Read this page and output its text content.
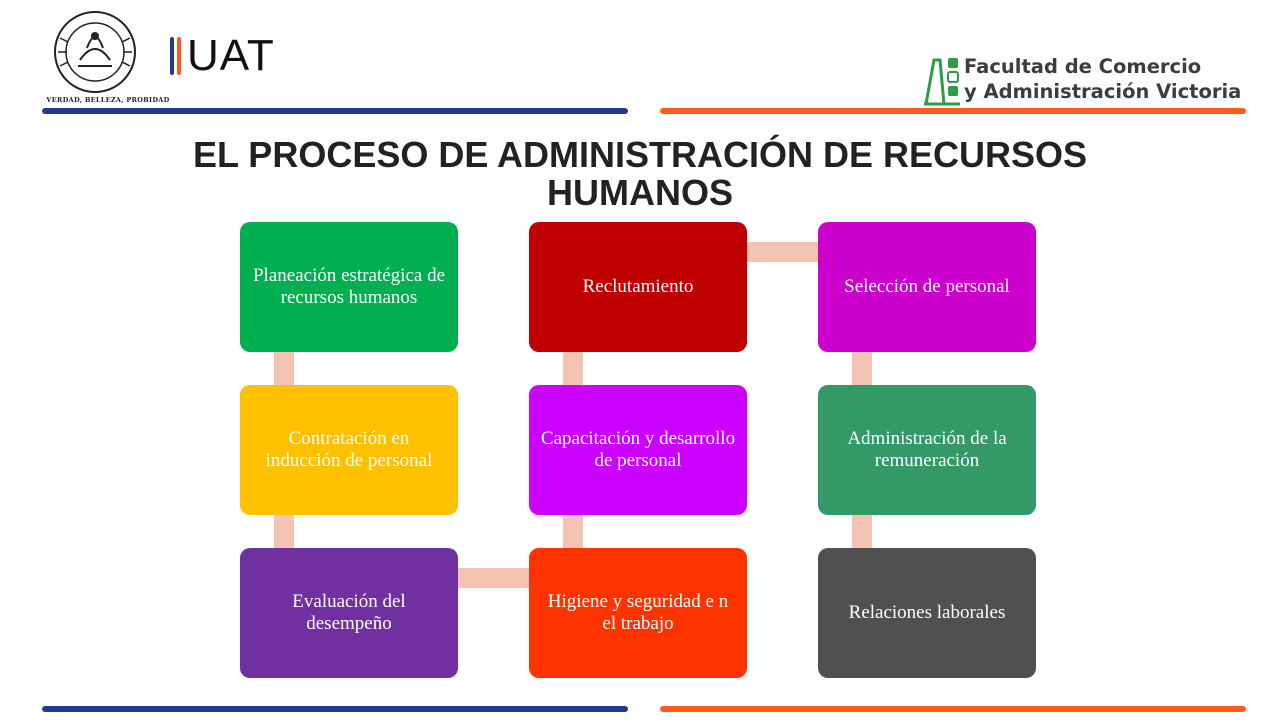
VERDAD, BELLEZA, PROBIDAD
UAT	Facultad de Comercio
y Administración Victoria
EL PROCESO DE ADMINISTRACIÓN DE RECURSOS
HUMANOS
Planeación estratégica de recursos humanos
Contratación en inducción de personal
Evaluación del desempeño
Higiene y seguridad e n el trabajo
Capacitación y desarrollo de personal
Reclutamiento	Selección de personal
Administración de la remuneración
Relaciones laborales
